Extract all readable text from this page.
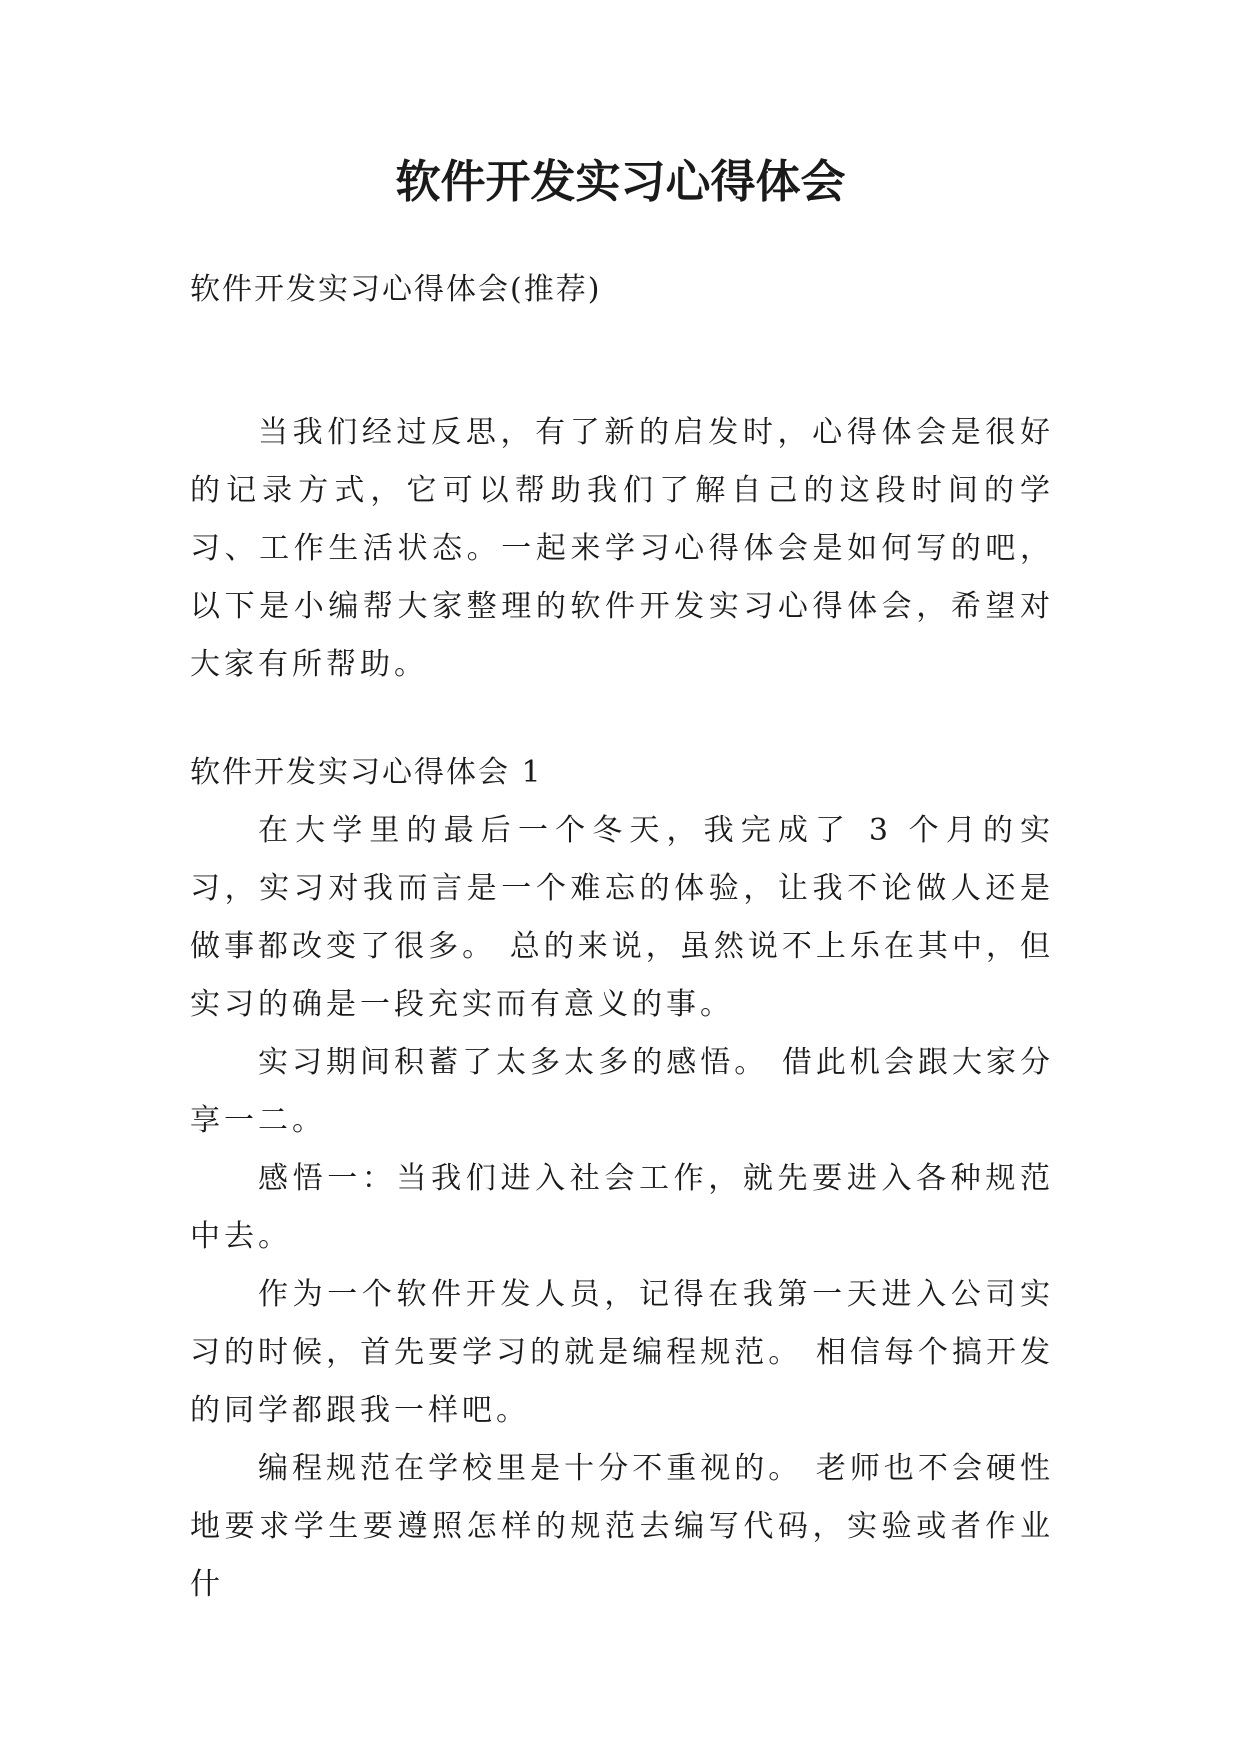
软件开发实习心得体会

软件开发实习心得体会(推荐)

当我们经过反思，有了新的启发时，心得体会是很好的记录方式，它可以帮助我们了解自己的这段时间的学习、工作生活状态。一起来学习心得体会是如何写的吧，以下是小编帮大家整理的软件开发实习心得体会，希望对大家有所帮助。

软件开发实习心得体会 1

在大学里的最后一个冬天，我完成了 3 个月的实习，实习对我而言是一个难忘的体验，让我不论做人还是做事都改变了很多。 总的来说，虽然说不上乐在其中，但实习的确是一段充实而有意义的事。

实习期间积蓄了太多太多的感悟。 借此机会跟大家分享一二。

感悟一：当我们进入社会工作，就先要进入各种规范中去。

作为一个软件开发人员，记得在我第一天进入公司实习的时候，首先要学习的就是编程规范。 相信每个搞开发的同学都跟我一样吧。

编程规范在学校里是十分不重视的。 老师也不会硬性地要求学生要遵照怎样的规范去编写代码，实验或者作业什
